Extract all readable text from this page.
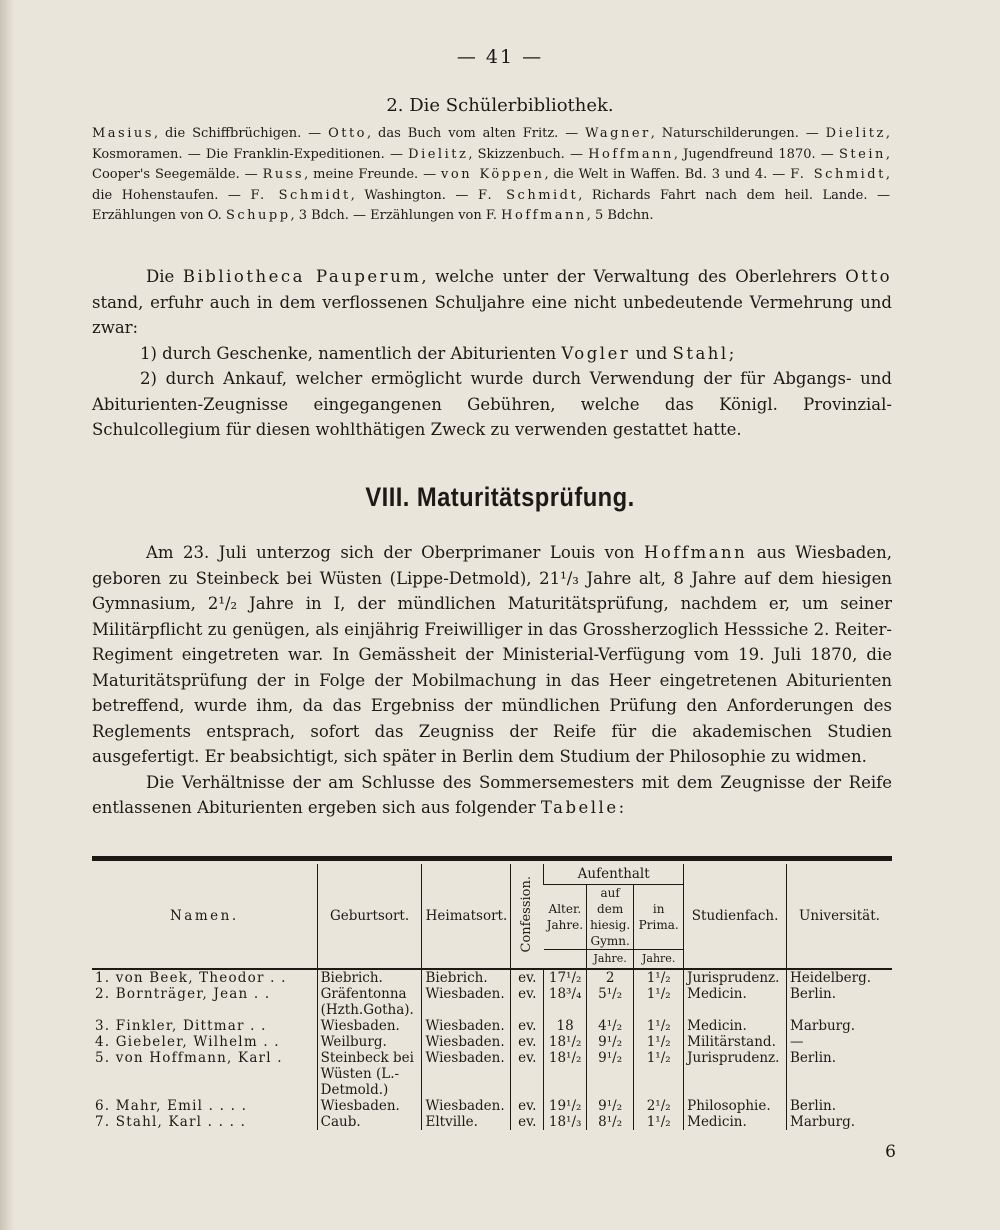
— 41 —
2. Die Schülerbibliothek.
Masius, die Schiffbrüchigen. — Otto, das Buch vom alten Fritz. — Wagner, Naturschilderungen. — Dielitz, Kosmoramen. — Die Franklin-Expeditionen. — Dielitz, Skizzenbuch. — Hoffmann, Jugendfreund 1870. — Stein, Cooper's Seegemälde. — Russ, meine Freunde. — von Köppen, die Welt in Waffen. Bd. 3 und 4. — F. Schmidt, die Hohenstaufen. — F. Schmidt, Washington. — F. Schmidt, Richards Fahrt nach dem heil. Lande. — Erzählungen von O. Schupp, 3 Bdch. — Erzählungen von F. Hoffmann, 5 Bdchn.

Die Bibliotheca Pauperum, welche unter der Verwaltung des Oberlehrers Otto stand, erfuhr auch in dem verflossenen Schuljahre eine nicht unbedeutende Vermehrung und zwar:

1) durch Geschenke, namentlich der Abiturienten Vogler und Stahl;

2) durch Ankauf, welcher ermöglicht wurde durch Verwendung der für Abgangs- und Abiturienten-Zeugnisse eingegangenen Gebühren, welche das Königl. Provinzial-Schulcollegium für diesen wohlthätigen Zweck zu verwenden gestattet hatte.

VIII. Maturitätsprüfung.

Am 23. Juli unterzog sich der Oberprimaner Louis von Hoffmann aus Wiesbaden, geboren zu Steinbeck bei Wüsten (Lippe-Detmold), 21¹/₃ Jahre alt, 8 Jahre auf dem hiesigen Gymnasium, 2¹/₂ Jahre in I, der mündlichen Maturitätsprüfung, nachdem er, um seiner Militärpflicht zu genügen, als einjährig Freiwilliger in das Grossherzoglich Hesssiche 2. Reiter-Regiment eingetreten war. In Gemässheit der Ministerial-Verfügung vom 19. Juli 1870, die Maturitätsprüfung der in Folge der Mobilmachung in das Heer eingetretenen Abiturienten betreffend, wurde ihm, da das Ergebniss der mündlichen Prüfung den Anforderungen des Reglements entsprach, sofort das Zeugniss der Reife für die akademischen Studien ausgefertigt. Er beabsichtigt, sich später in Berlin dem Studium der Philosophie zu widmen.

Die Verhältnisse der am Schlusse des Sommersemesters mit dem Zeugnisse der Reife entlassenen Abiturienten ergeben sich aus folgender Tabelle:

Namen.	Geburtsort.	Heimatsort.	Confession.	Aufenthalt			Studienfach.	Universität.
				Alter. Jahre.	auf dem hiesig. Gymn.	in Prima.		
					Jahre.	Jahre.		
1. von Beek, Theodor . .	Biebrich.	Biebrich.	ev.	17¹/₂	2	1¹/₂	Jurisprudenz.	Heidelberg.
2. Bornträger, Jean . .	Gräfentonna (Hzth.Gotha).	Wiesbaden.	ev.	18³/₄	5¹/₂	1¹/₂	Medicin.	Berlin.
3. Finkler, Dittmar . .	Wiesbaden.	Wiesbaden.	ev.	18	4¹/₂	1¹/₂	Medicin.	Marburg.
4. Giebeler, Wilhelm . .	Weilburg.	Wiesbaden.	ev.	18¹/₂	9¹/₂	1¹/₂	Militärstand.	—
5. von Hoffmann, Karl .	Steinbeck bei Wüsten (L.-Detmold.)	Wiesbaden.	ev.	18¹/₂	9¹/₂	1¹/₂	Jurisprudenz.	Berlin.
6. Mahr, Emil . . . .	Wiesbaden.	Wiesbaden.	ev.	19¹/₂	9¹/₂	2¹/₂	Philosophie.	Berlin.
7. Stahl, Karl . . . .	Caub.	Eltville.	ev.	18¹/₃	8¹/₂	1¹/₂	Medicin.	Marburg.
6
